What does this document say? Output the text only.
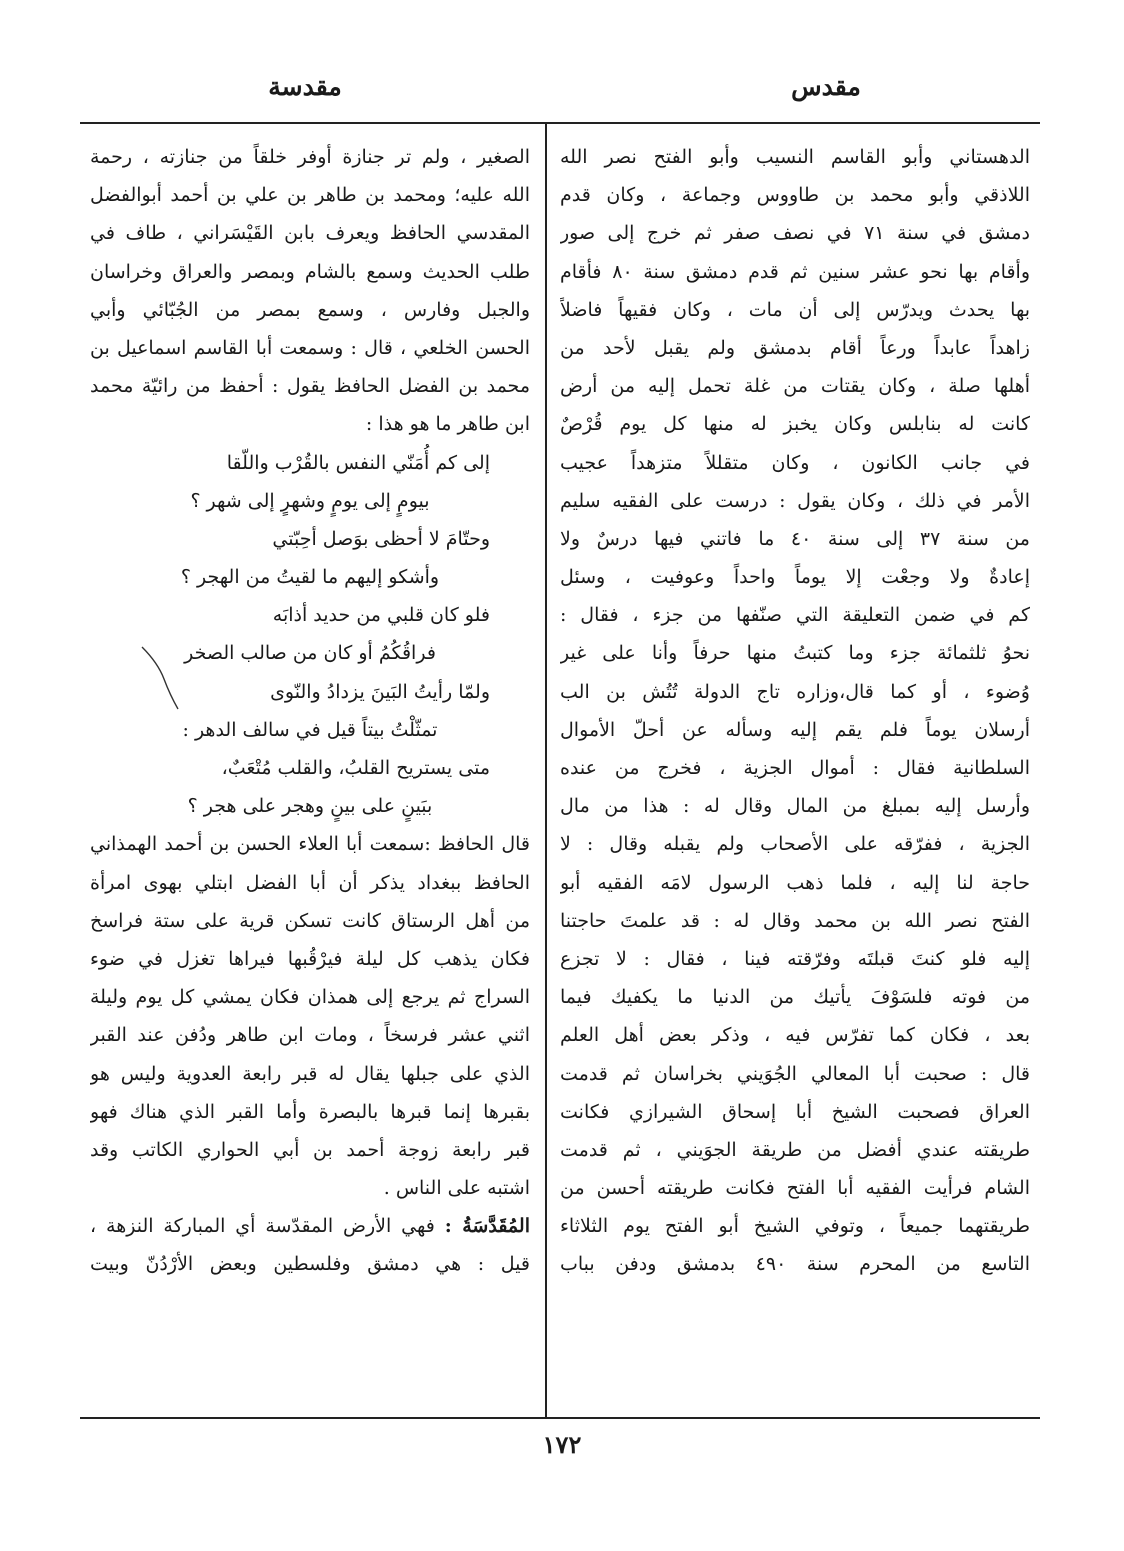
مقدس
مقدسة
الدهستاني وأبو القاسم النسيب وأبو الفتح نصر الله
اللاذقي وأبو محمد بن طاووس وجماعة ، وكان قدم
دمشق في سنة ٧١ في نصف صفر ثم خرج إلى صور
وأقام بها نحو عشر سنين ثم قدم دمشق سنة ٨٠ فأقام
بها يحدث ويدرّس إلى أن مات ، وكان فقيهاً فاضلاً
زاهداً عابداً ورعاً أقام بدمشق ولم يقبل لأحد من
أهلها صلة ، وكان يقتات من غلة تحمل إليه من أرض
كانت له بنابلس وكان يخبز له منها كل يوم قُرْصٌ
في جانب الكانون ، وكان متقللاً متزهداً عجيب
الأمر في ذلك ، وكان يقول : درست على الفقيه سليم
من سنة ٣٧ إلى سنة ٤٠ ما فاتني فيها درسٌ ولا
إعادةٌ ولا وجعْت إلا يوماً واحداً وعوفيت ، وسئل
كم في ضمن التعليقة التي صنّفها من جزء ، فقال :
نحوُ ثلثمائة جزء وما كتبتُ منها حرفاً وأنا على غير
وُضوء ، أو كما قال،وزاره تاج الدولة تُتُش بن الب
أرسلان يوماً فلم يقم إليه وسأله عن أحلّ الأموال
السلطانية فقال : أموال الجزية ، فخرج من عنده
وأرسل إليه بمبلغ من المال وقال له : هذا من مال
الجزية ، ففرّقه على الأصحاب ولم يقبله وقال : لا
حاجة لنا إليه ، فلما ذهب الرسول لامَه الفقيه أبو
الفتح نصر الله بن محمد وقال له : قد علمتَ حاجتنا
إليه فلو كنتَ قبلتَه وفرّقته فينا ، فقال : لا تجزع
من فوته فلسَوْفَ يأتيك من الدنيا ما يكفيك فيما
بعد ، فكان كما تفرّس فيه ، وذكر بعض أهل العلم
قال : صحبت أبا المعالي الجُوَيني بخراسان ثم قدمت
العراق فصحبت الشيخ أبا إسحاق الشيرازي فكانت
طريقته عندي أفضل من طريقة الجوَيني ، ثم قدمت
الشام فرأيت الفقيه أبا الفتح فكانت طريقته أحسن من
طريقتهما جميعاً ، وتوفي الشيخ أبو الفتح يوم الثلاثاء
التاسع من المحرم سنة ٤٩٠ بدمشق ودفن بباب
الصغير ، ولم تر جنازة أوفر خلقاً من جنازته ، رحمة
الله عليه؛ ومحمد بن طاهر بن علي بن أحمد أبوالفضل
المقدسي الحافظ ويعرف بابن القَيْسَراني ، طاف في
طلب الحديث وسمع بالشام وبمصر والعراق وخراسان
والجبل وفارس ، وسمع بمصر من الجُبّائي وأبي
الحسن الخلعي ، قال : وسمعت أبا القاسم اسماعيل بن
محمد بن الفضل الحافظ يقول : أحفظ من رائيّة محمد
ابن طاهر ما هو هذا :
إلى كم أُمَنّي النفس بالقُرْب واللّقا
بيومٍ إلى يومٍ وشهرٍ إلى شهر ؟
وحتّامَ لا أحظى بوَصل أحِبّتي
وأشكو إليهم ما لقيتُ من الهجر ؟
فلو كان قلبي من حديد أذابَه
فراقُكُمُ أو كان من صالب الصخر
ولمّا رأيتُ البَينَ يزدادُ والنّوى
تمثّلْتُ بيتاً قيل في سالف الدهر :
متى يستريح القلبُ، والقلب مُتْعَبٌ،
ببَينٍ على بينٍ وهجر على هجر ؟
قال الحافظ :سمعت أبا العلاء الحسن بن أحمد الهمذاني
الحافظ ببغداد يذكر أن أبا الفضل ابتلي بهوى امرأة
من أهل الرستاق كانت تسكن قرية على ستة فراسخ
فكان يذهب كل ليلة فيرْقُبها فيراها تغزل في ضوء
السراج ثم يرجع إلى همذان فكان يمشي كل يوم وليلة
اثني عشر فرسخاً ، ومات ابن طاهر ودُفن عند القبر
الذي على جبلها يقال له قبر رابعة العدوية وليس هو
بقبرها إنما قبرها بالبصرة وأما القبر الذي هناك فهو
قبر رابعة زوجة أحمد بن أبي الحواري الكاتب وقد
اشتبه على الناس .
المُقَدَّسَةُ : فهي الأرض المقدّسة أي المباركة النزهة ،
قيل : هي دمشق وفلسطين وبعض الأرْدُنّ وبيت
١٧٢
